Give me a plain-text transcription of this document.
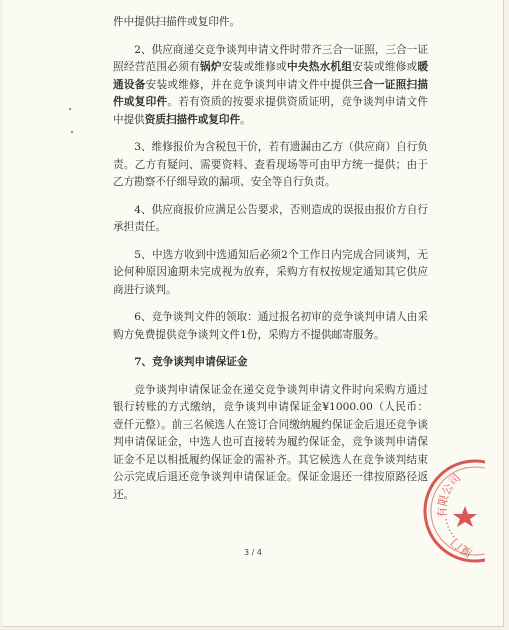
件中提供扫描件或复印件。

2、供应商递交竞争谈判申请文件时带齐三合一证照，三合一证照经营范围必须有锅炉安装或维修或中央热水机组安装或维修或暖通设备安装或维修，并在竞争谈判申请文件中提供三合一证照扫描件或复印件。若有资质的按要求提供资质证明，竞争谈判申请文件中提供资质扫描件或复印件。

3、维修报价为含税包干价，若有遗漏由乙方（供应商）自行负责。乙方有疑问、需要资料、查看现场等可由甲方统一提供；由于乙方勘察不仔细导致的漏项、安全等自行负责。

4、供应商报价应满足公告要求，否则造成的误报由报价方自行承担责任。

5、中选方收到中选通知后必须2个工作日内完成合同谈判，无论何种原因逾期未完成视为放弃，采购方有权按规定通知其它供应商进行谈判。

6、竞争谈判文件的领取：通过报名初审的竞争谈判申请人由采购方免费提供竞争谈判文件1份，采购方不提供邮寄服务。

7、竞争谈判申请保证金

竞争谈判申请保证金在递交竞争谈判申请文件时向采购方通过银行转账的方式缴纳，竞争谈判申请保证金¥1000.00（人民币：壹仟元整）。前三名候选人在签订合同缴纳履约保证金后退还竞争谈判申请保证金，中选人也可直接转为履约保证金，竞争谈判申请保证金不足以相抵履约保证金的需补齐。其它候选人在竞争谈判结束公示完成后退还竞争谈判申请保证金。保证金退还一律按原路径返还。

3 / 4	厦门……有限公司
